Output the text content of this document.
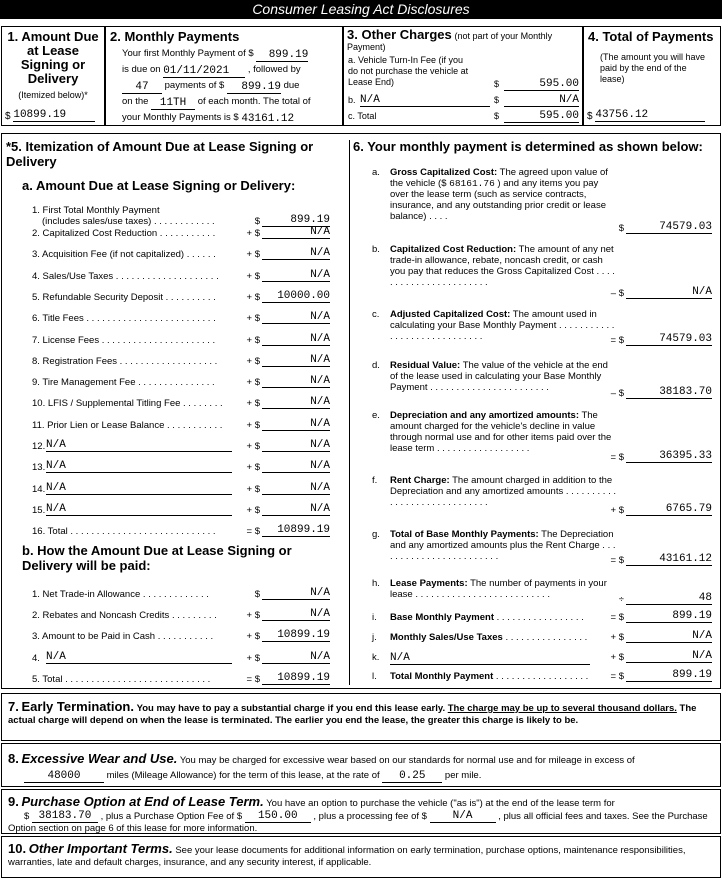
Consumer Leasing Act Disclosures
1. Amount Due at Lease Signing or Delivery
(Itemized below)*
$ 10899.19
2. Monthly Payments
Your first Monthly Payment of $ 899.19
is due on 01/11/2021 , followed by
47 payments of $ 899.19 due
on the 11TH of each month. The total of
your Monthly Payments is $ 43161.12
3. Other Charges (not part of your Monthly Payment)
a. Vehicle Turn-In Fee (if you do not purchase the vehicle at Lease End)	$	595.00
b. N/A	$	N/A
c. Total	$	595.00
4. Total of Payments
(The amount you will have paid by the end of the lease)
$ 43756.12
*5. Itemization of Amount Due at Lease Signing or Delivery
a. Amount Due at Lease Signing or Delivery:
1. First Total Monthly Payment
(includes sales/use taxes) . . . . . . . . . . . .	$	899.19
2. Capitalized Cost Reduction . . . . . . . . . . .	+ $	N/A
3. Acquisition Fee (if not capitalized) . . . . . .	+ $	N/A
4. Sales/Use Taxes . . . . . . . . . . . . . . . . . . . .	+ $	N/A
5. Refundable Security Deposit . . . . . . . . . .	+ $	10000.00
6. Title Fees . . . . . . . . . . . . . . . . . . . . . . . . .	+ $	N/A
7. License Fees . . . . . . . . . . . . . . . . . . . . . .	+ $	N/A
8. Registration Fees . . . . . . . . . . . . . . . . . . .	+ $	N/A
9. Tire Management Fee . . . . . . . . . . . . . . .	+ $	N/A
10. LFIS / Supplemental Titling Fee . . . . . . . .	+ $	N/A
11. Prior Lien or Lease Balance . . . . . . . . . . .	+ $	N/A
12. N/A	+ $	N/A
13. N/A	+ $	N/A
14. N/A	+ $	N/A
15. N/A	+ $	N/A
16. Total . . . . . . . . . . . . . . . . . . . . . . . . . . . .	= $	10899.19
b. How the Amount Due at Lease Signing or Delivery will be paid:
1. Net Trade-in Allowance . . . . . . . . . . . . .	$	N/A
2. Rebates and Noncash Credits . . . . . . . . .	+ $	N/A
3. Amount to be Paid in Cash . . . . . . . . . . .	+ $	10899.19
4. N/A	+ $	N/A
5. Total . . . . . . . . . . . . . . . . . . . . . . . . . . . .	= $	10899.19
6. Your monthly payment is determined as shown below:
a. Gross Capitalized Cost: The agreed upon value of the vehicle ($ 68161.76 ) and any items you pay over the lease term (such as service contracts, insurance, and any outstanding prior credit or lease balance) . . . .
$	74579.03
b. Capitalized Cost Reduction: The amount of any net trade-in allowance, rebate, noncash credit, or cash you pay that reduces the Gross Capitalized Cost . . . . . . . . . . . . . . . . . . . . . . .
– $	N/A
c. Adjusted Capitalized Cost: The amount used in calculating your Base Monthly Payment . . . . . . . . . . . . . . . . . . . . . . . . . . . . .	= $	74579.03
d. Residual Value: The value of the vehicle at the end of the lease used in calculating your Base Monthly Payment . . . . . . . . . . . . . . . . . . . . . . .
– $	38183.70
e. Depreciation and any amortized amounts: The amount charged for the vehicle's decline in value through normal use and for other items paid over the lease term . . . . . . . . . . . . . . . . . .
= $	36395.33
f. Rent Charge: The amount charged in addition to the Depreciation and any amortized amounts . . . . . . . . . . . . . . . . . . . . . . . . . . . . .
+ $	6765.79
g. Total of Base Monthly Payments: The Depreciation and any amortized amounts plus the Rent Charge . . . . . . . . . . . . . . . . . . . . . . . .	= $	43161.12
h. Lease Payments: The number of payments in your lease . . . . . . . . . . . . . . . . . . . . . . . . . .	÷	48
i. Base Monthly Payment . . . . . . . . . . . . . . . . .	= $	899.19
j. Monthly Sales/Use Taxes . . . . . . . . . . . . . . . .	+ $	N/A
k. N/A	+ $	N/A
l. Total Monthly Payment . . . . . . . . . . . . . . . . . .	= $	899.19
7. Early Termination. You may have to pay a substantial charge if you end this lease early. The charge may be up to several thousand dollars. The actual charge will depend on when the lease is terminated. The earlier you end the lease, the greater this charge is likely to be.
8. Excessive Wear and Use. You may be charged for excessive wear based on our standards for normal use and for mileage in excess of
48000	miles (Mileage Allowance) for the term of this lease, at the rate of 0.25 per mile.
9. Purchase Option at End of Lease Term. You have an option to purchase the vehicle ("as is") at the end of the lease term for
$ 38183.70 , plus a Purchase Option Fee of $ 150.00 , plus a processing fee of $ N/A	, plus all official fees and taxes. See the Purchase Option section on page 6 of this lease for more information.
10. Other Important Terms. See your lease documents for additional information on early termination, purchase options, maintenance responsibilities, warranties, late and default charges, insurance, and any security interest, if applicable.
